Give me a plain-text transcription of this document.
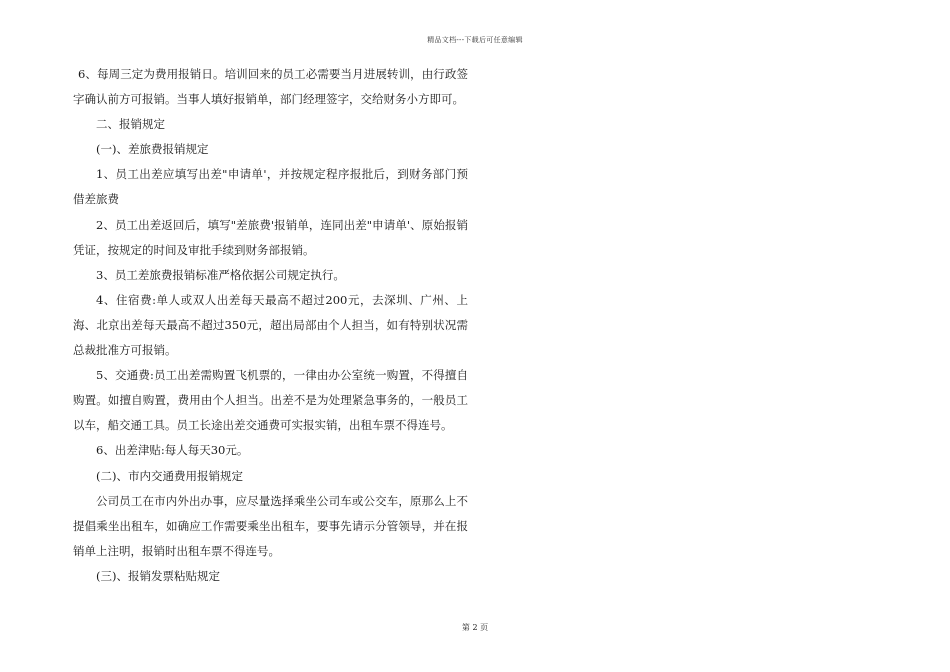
精品文档---下载后可任意编辑

6、每周三定为费用报销日。培训回来的员工必需要当月进展转训，由行政签字确认前方可报销。当事人填好报销单，部门经理签字，交给财务小方即可。

二、报销规定

(一)、差旅费报销规定

1、员工出差应填写出差"申请单'，并按规定程序报批后，到财务部门预借差旅费

2、员工出差返回后，填写"差旅费'报销单，连同出差"申请单'、原始报销凭证，按规定的时间及审批手续到财务部报销。

3、员工差旅费报销标准严格依据公司规定执行。

4、住宿费:单人或双人出差每天最高不超过200元，去深圳、广州、上海、北京出差每天最高不超过350元，超出局部由个人担当，如有特别状况需总裁批准方可报销。

5、交通费:员工出差需购置飞机票的，一律由办公室统一购置，不得擅自购置。如擅自购置，费用由个人担当。出差不是为处理紧急事务的，一般员工以车，船交通工具。员工长途出差交通费可实报实销，出租车票不得连号。

6、出差津贴:每人每天30元。

(二)、市内交通费用报销规定

公司员工在市内外出办事，应尽量选择乘坐公司车或公交车，原那么上不提倡乘坐出租车，如确应工作需要乘坐出租车，要事先请示分管领导，并在报销单上注明，报销时出租车票不得连号。

(三)、报销发票粘贴规定

第 2 页
